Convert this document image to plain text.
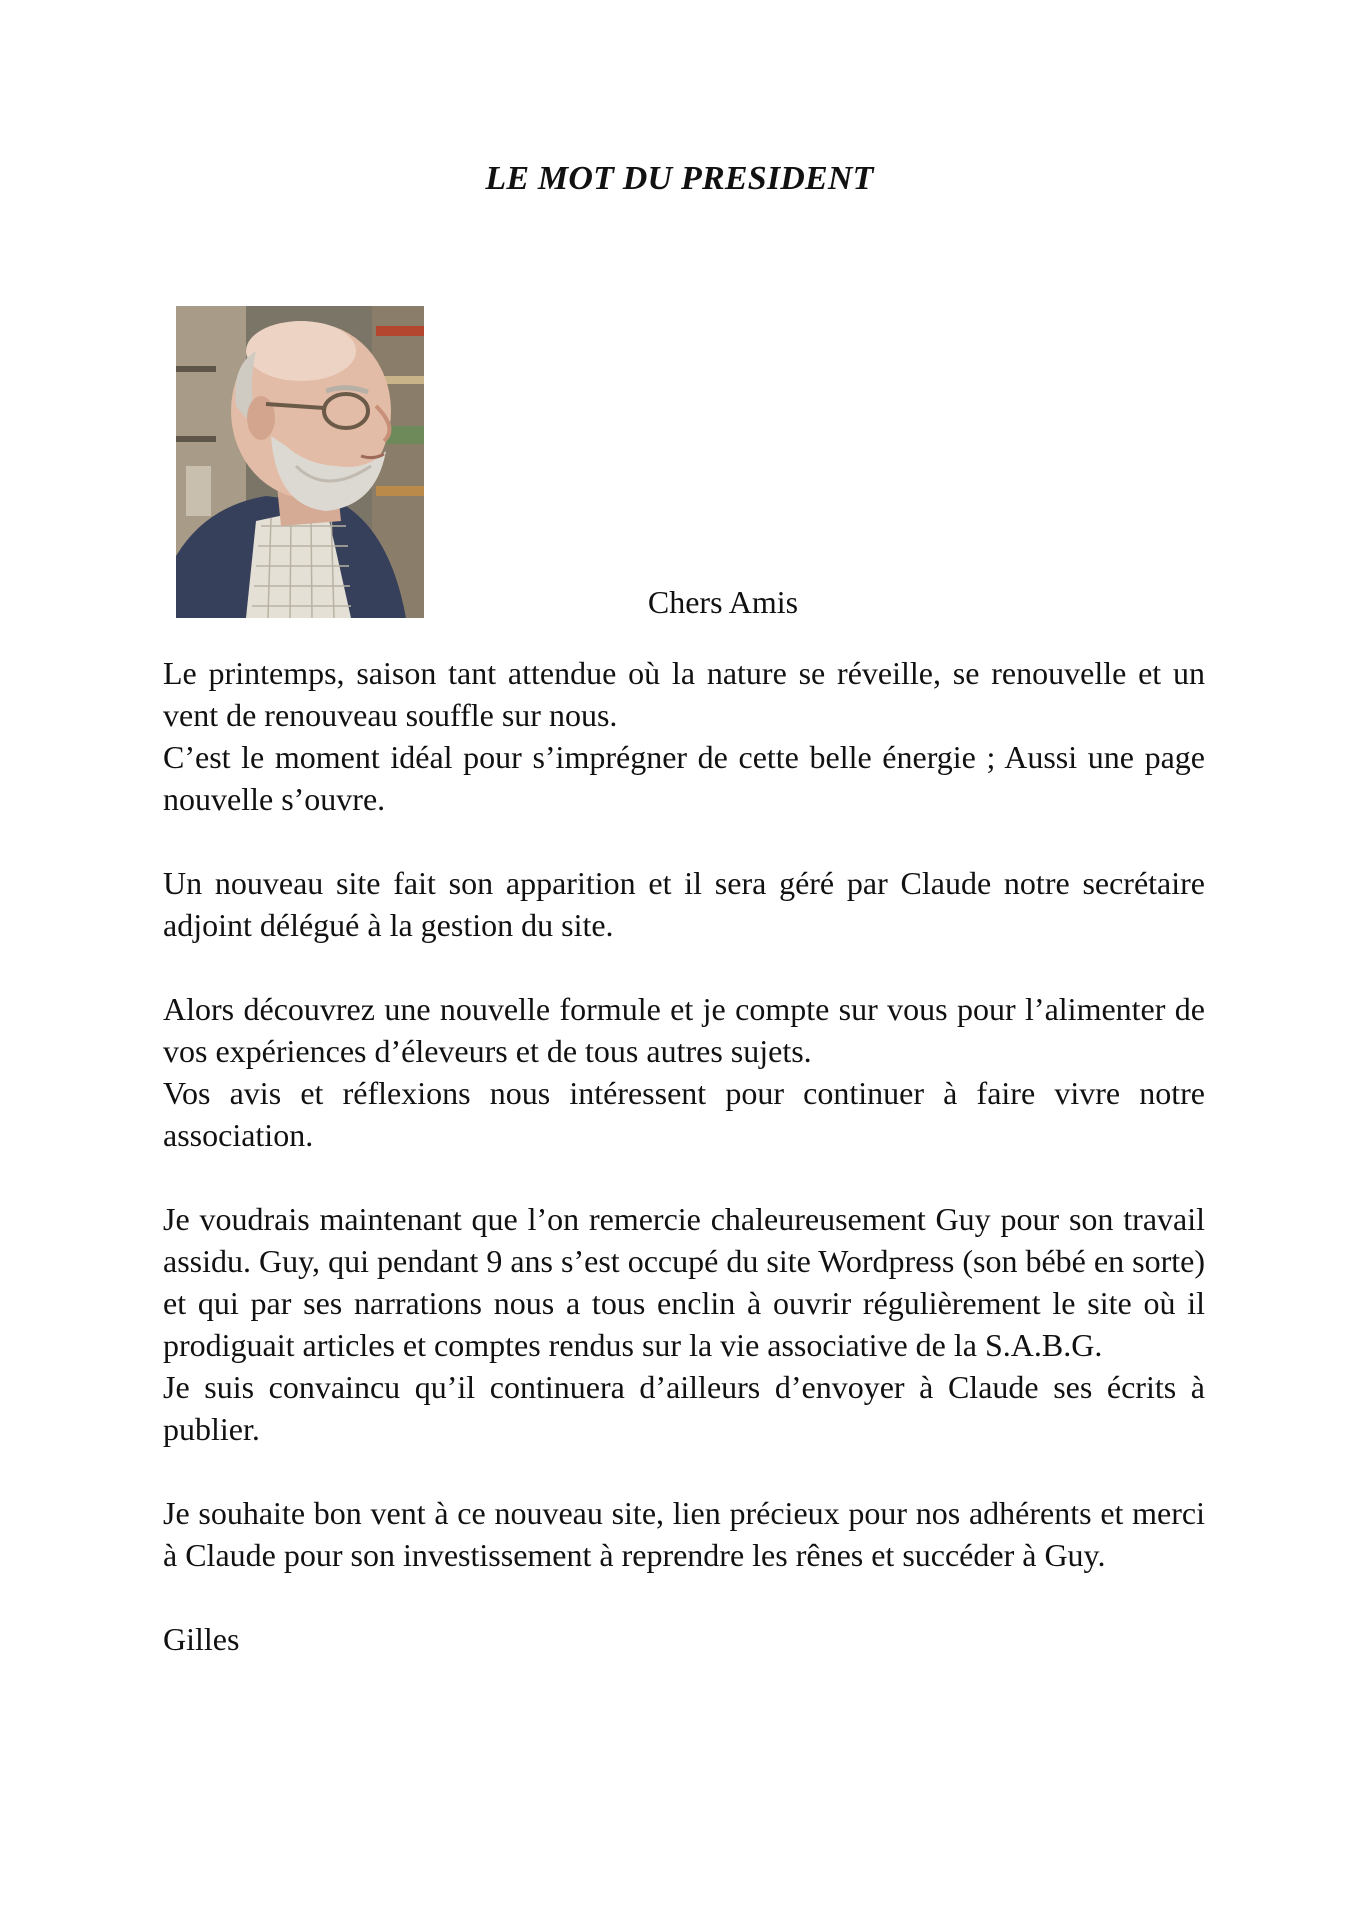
LE MOT DU PRESIDENT
Chers Amis

Le printemps, saison tant attendue où la nature se réveille, se renouvelle et un vent de renouveau souffle sur nous.
C’est le moment idéal pour s’imprégner de cette belle énergie ; Aussi une page nouvelle s’ouvre.

Un nouveau site fait son apparition et il sera géré par Claude notre secrétaire adjoint délégué à la gestion du site.

Alors découvrez une nouvelle formule et je compte sur vous pour l’alimenter de vos expériences d’éleveurs et de tous autres sujets.
Vos avis et réflexions nous intéressent pour continuer à faire vivre notre association.

Je voudrais maintenant que l’on remercie chaleureusement Guy pour son travail assidu. Guy, qui pendant 9 ans s’est occupé du site Wordpress (son bébé en sorte) et qui par ses narrations nous a tous enclin à ouvrir régulièrement le site où il prodiguait articles et comptes rendus sur la vie associative de la S.A.B.G.
Je suis convaincu qu’il continuera d’ailleurs d’envoyer à Claude ses écrits à publier.

Je souhaite bon vent à ce nouveau site, lien précieux pour nos adhérents et merci à Claude pour son investissement à reprendre les rênes et succéder à Guy.

Gilles
